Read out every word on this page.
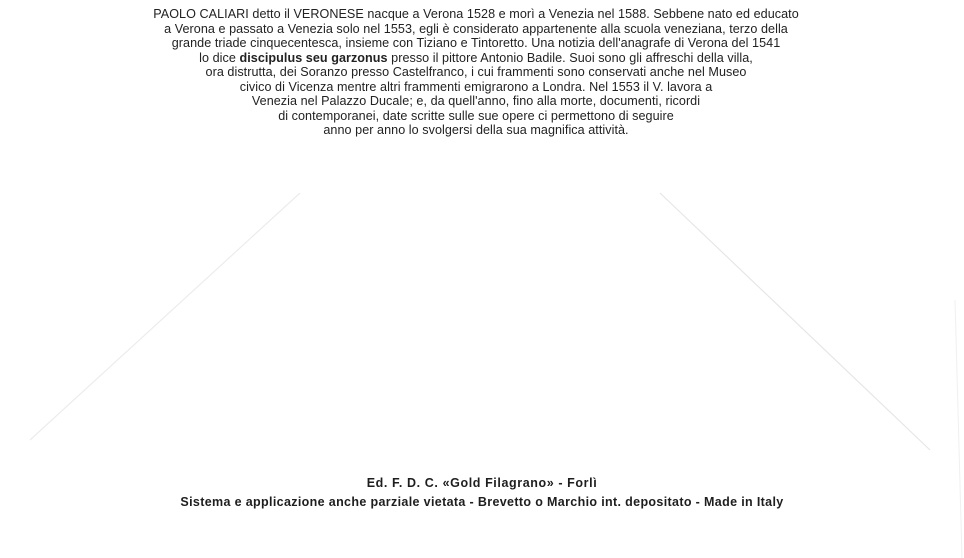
PAOLO CALIARI detto il VERONESE nacque a Verona 1528 e morì a Venezia nel 1588. Sebbene nato ed educato
a Verona e passato a Venezia solo nel 1553, egli è considerato appartenente alla scuola veneziana, terzo della
grande triade cinquecentesca, insieme con Tiziano e Tintoretto. Una notizia dell'anagrafe di Verona del 1541
lo dice discipulus seu garzonus presso il pittore Antonio Badile. Suoi sono gli affreschi della villa,
ora distrutta, dei Soranzo presso Castelfranco, i cui frammenti sono conservati anche nel Museo
civico di Vicenza mentre altri frammenti emigrarono a Londra. Nel 1553 il V. lavora a
Venezia nel Palazzo Ducale; e, da quell'anno, fino alla morte, documenti, ricordi
di contemporanei, date scritte sulle sue opere ci permettono di seguire
anno per anno lo svolgersi della sua magnifica attività.
Ed. F. D. C. «Gold Filagrano» - Forlì
Sistema e applicazione anche parziale vietata - Brevetto o Marchio int. depositato - Made in Italy
